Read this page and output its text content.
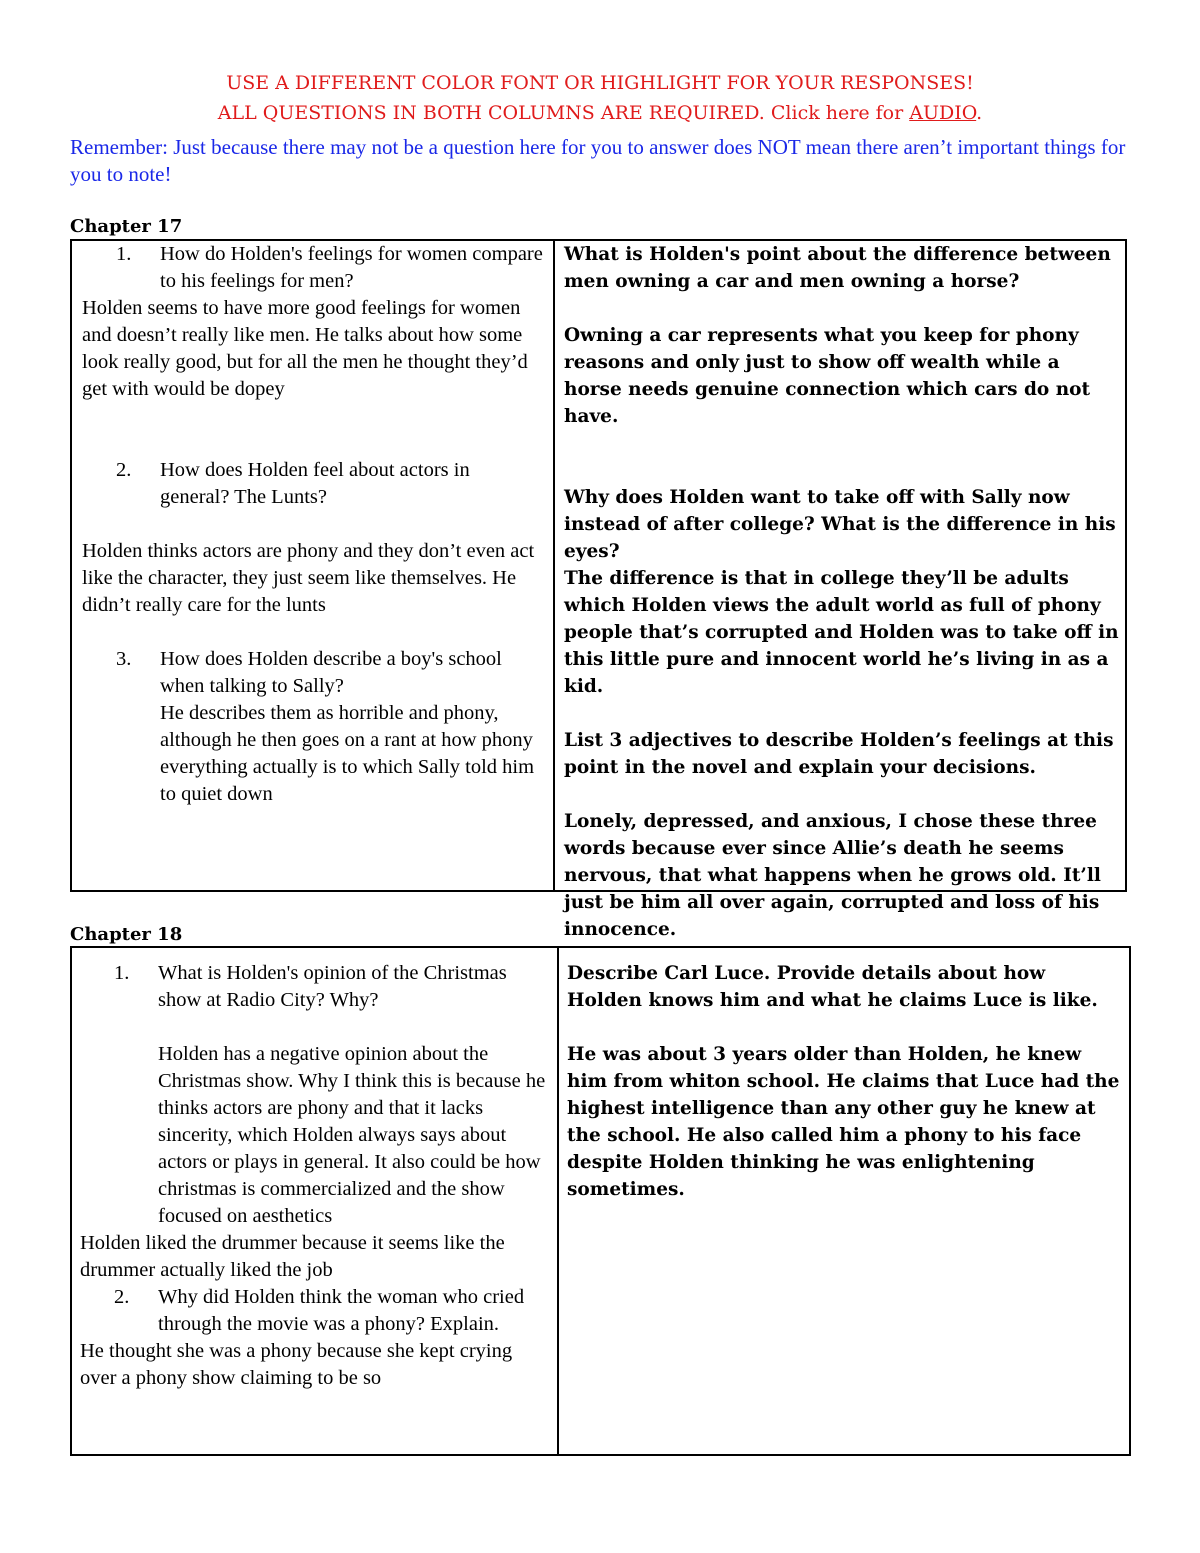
USE A DIFFERENT COLOR FONT OR HIGHLIGHT FOR YOUR RESPONSES!
ALL QUESTIONS IN BOTH COLUMNS ARE REQUIRED. Click here for AUDIO.
Remember: Just because there may not be a question here for you to answer does NOT mean there aren’t important things for you to note!
Chapter 17
1. How do Holden's feelings for women compare to his feelings for men?

Holden seems to have more good feelings for women and doesn’t really like men. He talks about how some look really good, but for all the men he thought they’d get with would be dopey

2. How does Holden feel about actors in general? The Lunts?

Holden thinks actors are phony and they don’t even act like the character, they just seem like themselves. He didn’t really care for the lunts

3. How does Holden describe a boy's school when talking to Sally?

He describes them as horrible and phony, although he then goes on a rant at how phony everything actually is to which Sally told him to quiet down

What is Holden's point about the difference between men owning a car and men owning a horse?

Owning a car represents what you keep for phony reasons and only just to show off wealth while a horse needs genuine connection which cars do not have.

Why does Holden want to take off with Sally now instead of after college? What is the difference in his eyes?

The difference is that in college they’ll be adults which Holden views the adult world as full of phony people that’s corrupted and Holden was to take off in this little pure and innocent world he’s living in as a kid.

List 3 adjectives to describe Holden’s feelings at this point in the novel and explain your decisions.

Lonely, depressed, and anxious, I chose these three words because ever since Allie’s death he seems nervous, that what happens when he grows old. It’ll just be him all over again, corrupted and loss of his innocence.

Chapter 18
1. What is Holden's opinion of the Christmas show at Radio City? Why?

Holden has a negative opinion about the Christmas show. Why I think this is because he thinks actors are phony and that it lacks sincerity, which Holden always says about actors or plays in general. It also could be how christmas is commercialized and the show focused on aesthetics

Holden liked the drummer because it seems like the drummer actually liked the job

2. Why did Holden think the woman who cried through the movie was a phony? Explain.

He thought she was a phony because she kept crying over a phony show claiming to be so

Describe Carl Luce. Provide details about how Holden knows him and what he claims Luce is like.

He was about 3 years older than Holden, he knew him from whiton school. He claims that Luce had the highest intelligence than any other guy he knew at the school. He also called him a phony to his face despite Holden thinking he was enlightening sometimes.
